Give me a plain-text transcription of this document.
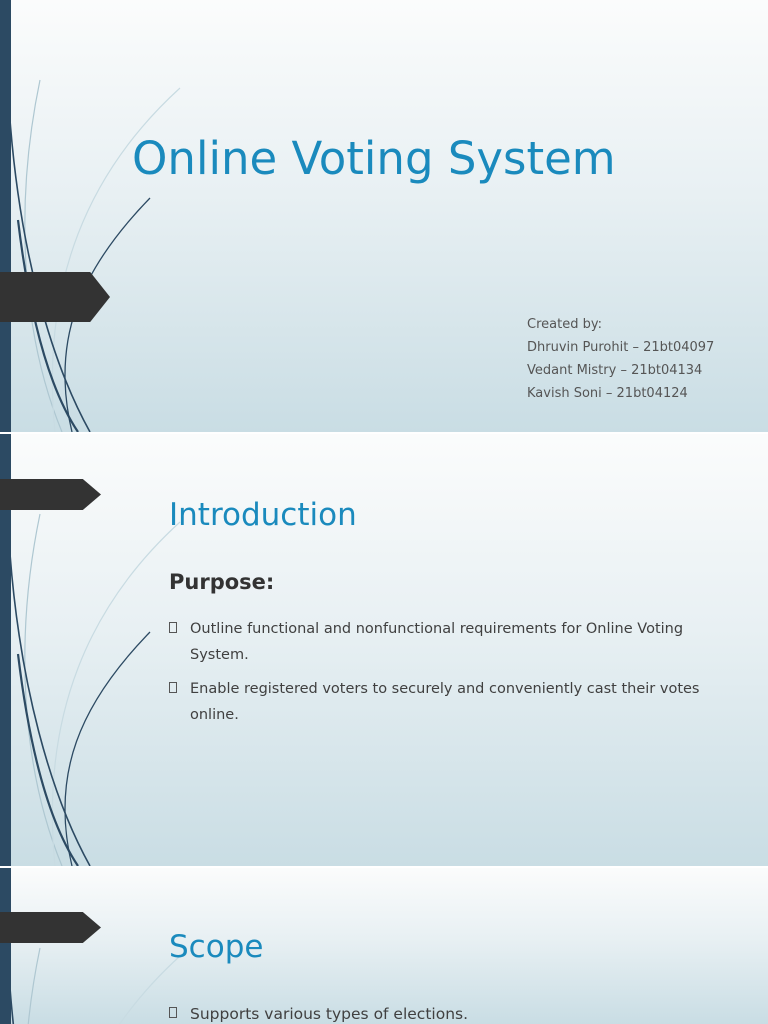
Online Voting System
Created by:
Dhruvin Purohit – 21bt04097
Vedant Mistry – 21bt04134
Kavish Soni – 21bt04124
Introduction
Purpose:
Outline functional and nonfunctional requirements for Online Voting System.
Enable registered voters to securely and conveniently cast their votes online.
Scope
Supports various types of elections.
